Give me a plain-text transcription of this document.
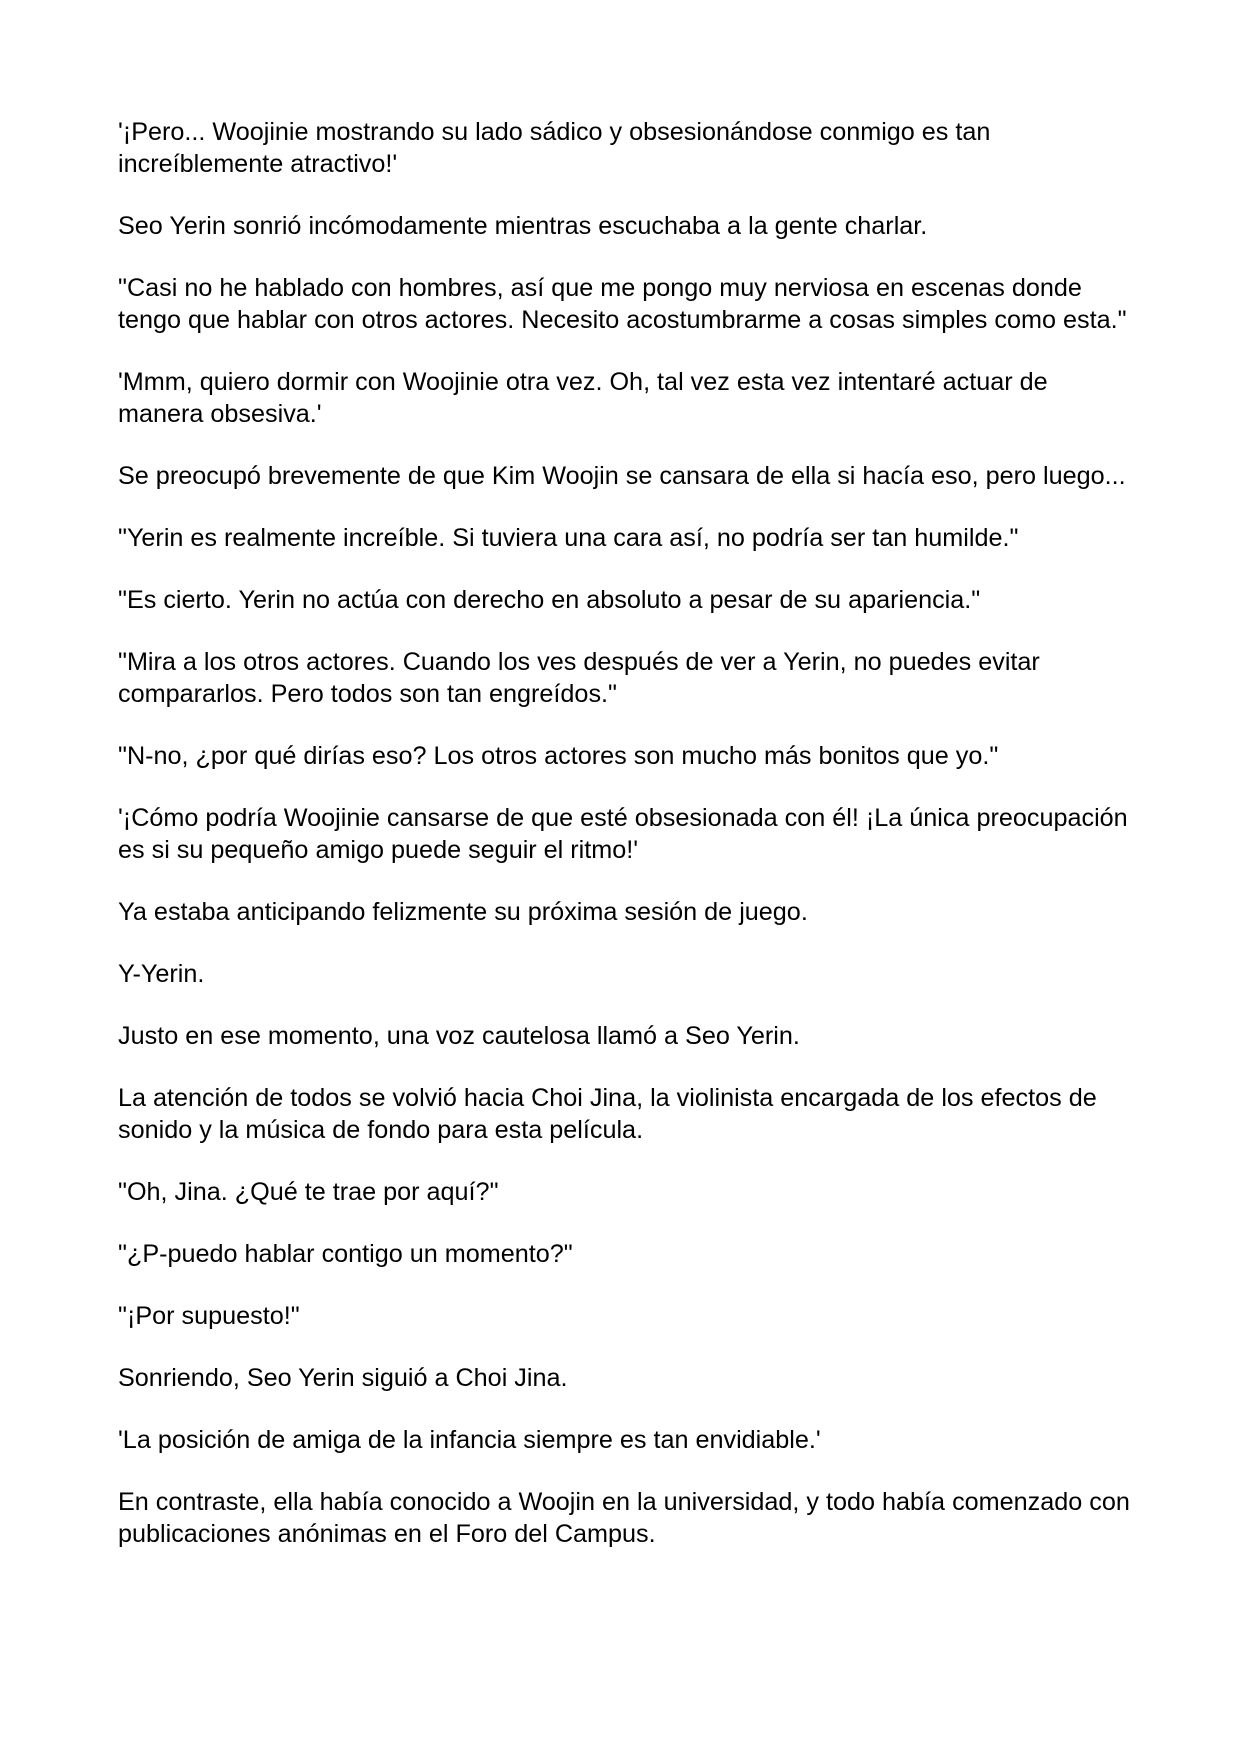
'¡Pero... Woojinie mostrando su lado sádico y obsesionándose conmigo es tan increíblemente atractivo!'

Seo Yerin sonrió incómodamente mientras escuchaba a la gente charlar.

"Casi no he hablado con hombres, así que me pongo muy nerviosa en escenas donde tengo que hablar con otros actores. Necesito acostumbrarme a cosas simples como esta."

'Mmm, quiero dormir con Woojinie otra vez. Oh, tal vez esta vez intentaré actuar de manera obsesiva.'

Se preocupó brevemente de que Kim Woojin se cansara de ella si hacía eso, pero luego...

"Yerin es realmente increíble. Si tuviera una cara así, no podría ser tan humilde."

"Es cierto. Yerin no actúa con derecho en absoluto a pesar de su apariencia."

"Mira a los otros actores. Cuando los ves después de ver a Yerin, no puedes evitar compararlos. Pero todos son tan engreídos."

"N-no, ¿por qué dirías eso? Los otros actores son mucho más bonitos que yo."

'¡Cómo podría Woojinie cansarse de que esté obsesionada con él! ¡La única preocupación es si su pequeño amigo puede seguir el ritmo!'

Ya estaba anticipando felizmente su próxima sesión de juego.

Y-Yerin.

Justo en ese momento, una voz cautelosa llamó a Seo Yerin.

La atención de todos se volvió hacia Choi Jina, la violinista encargada de los efectos de sonido y la música de fondo para esta película.

"Oh, Jina. ¿Qué te trae por aquí?"

"¿P-puedo hablar contigo un momento?"

"¡Por supuesto!"

Sonriendo, Seo Yerin siguió a Choi Jina.

'La posición de amiga de la infancia siempre es tan envidiable.'

En contraste, ella había conocido a Woojin en la universidad, y todo había comenzado con publicaciones anónimas en el Foro del Campus.
